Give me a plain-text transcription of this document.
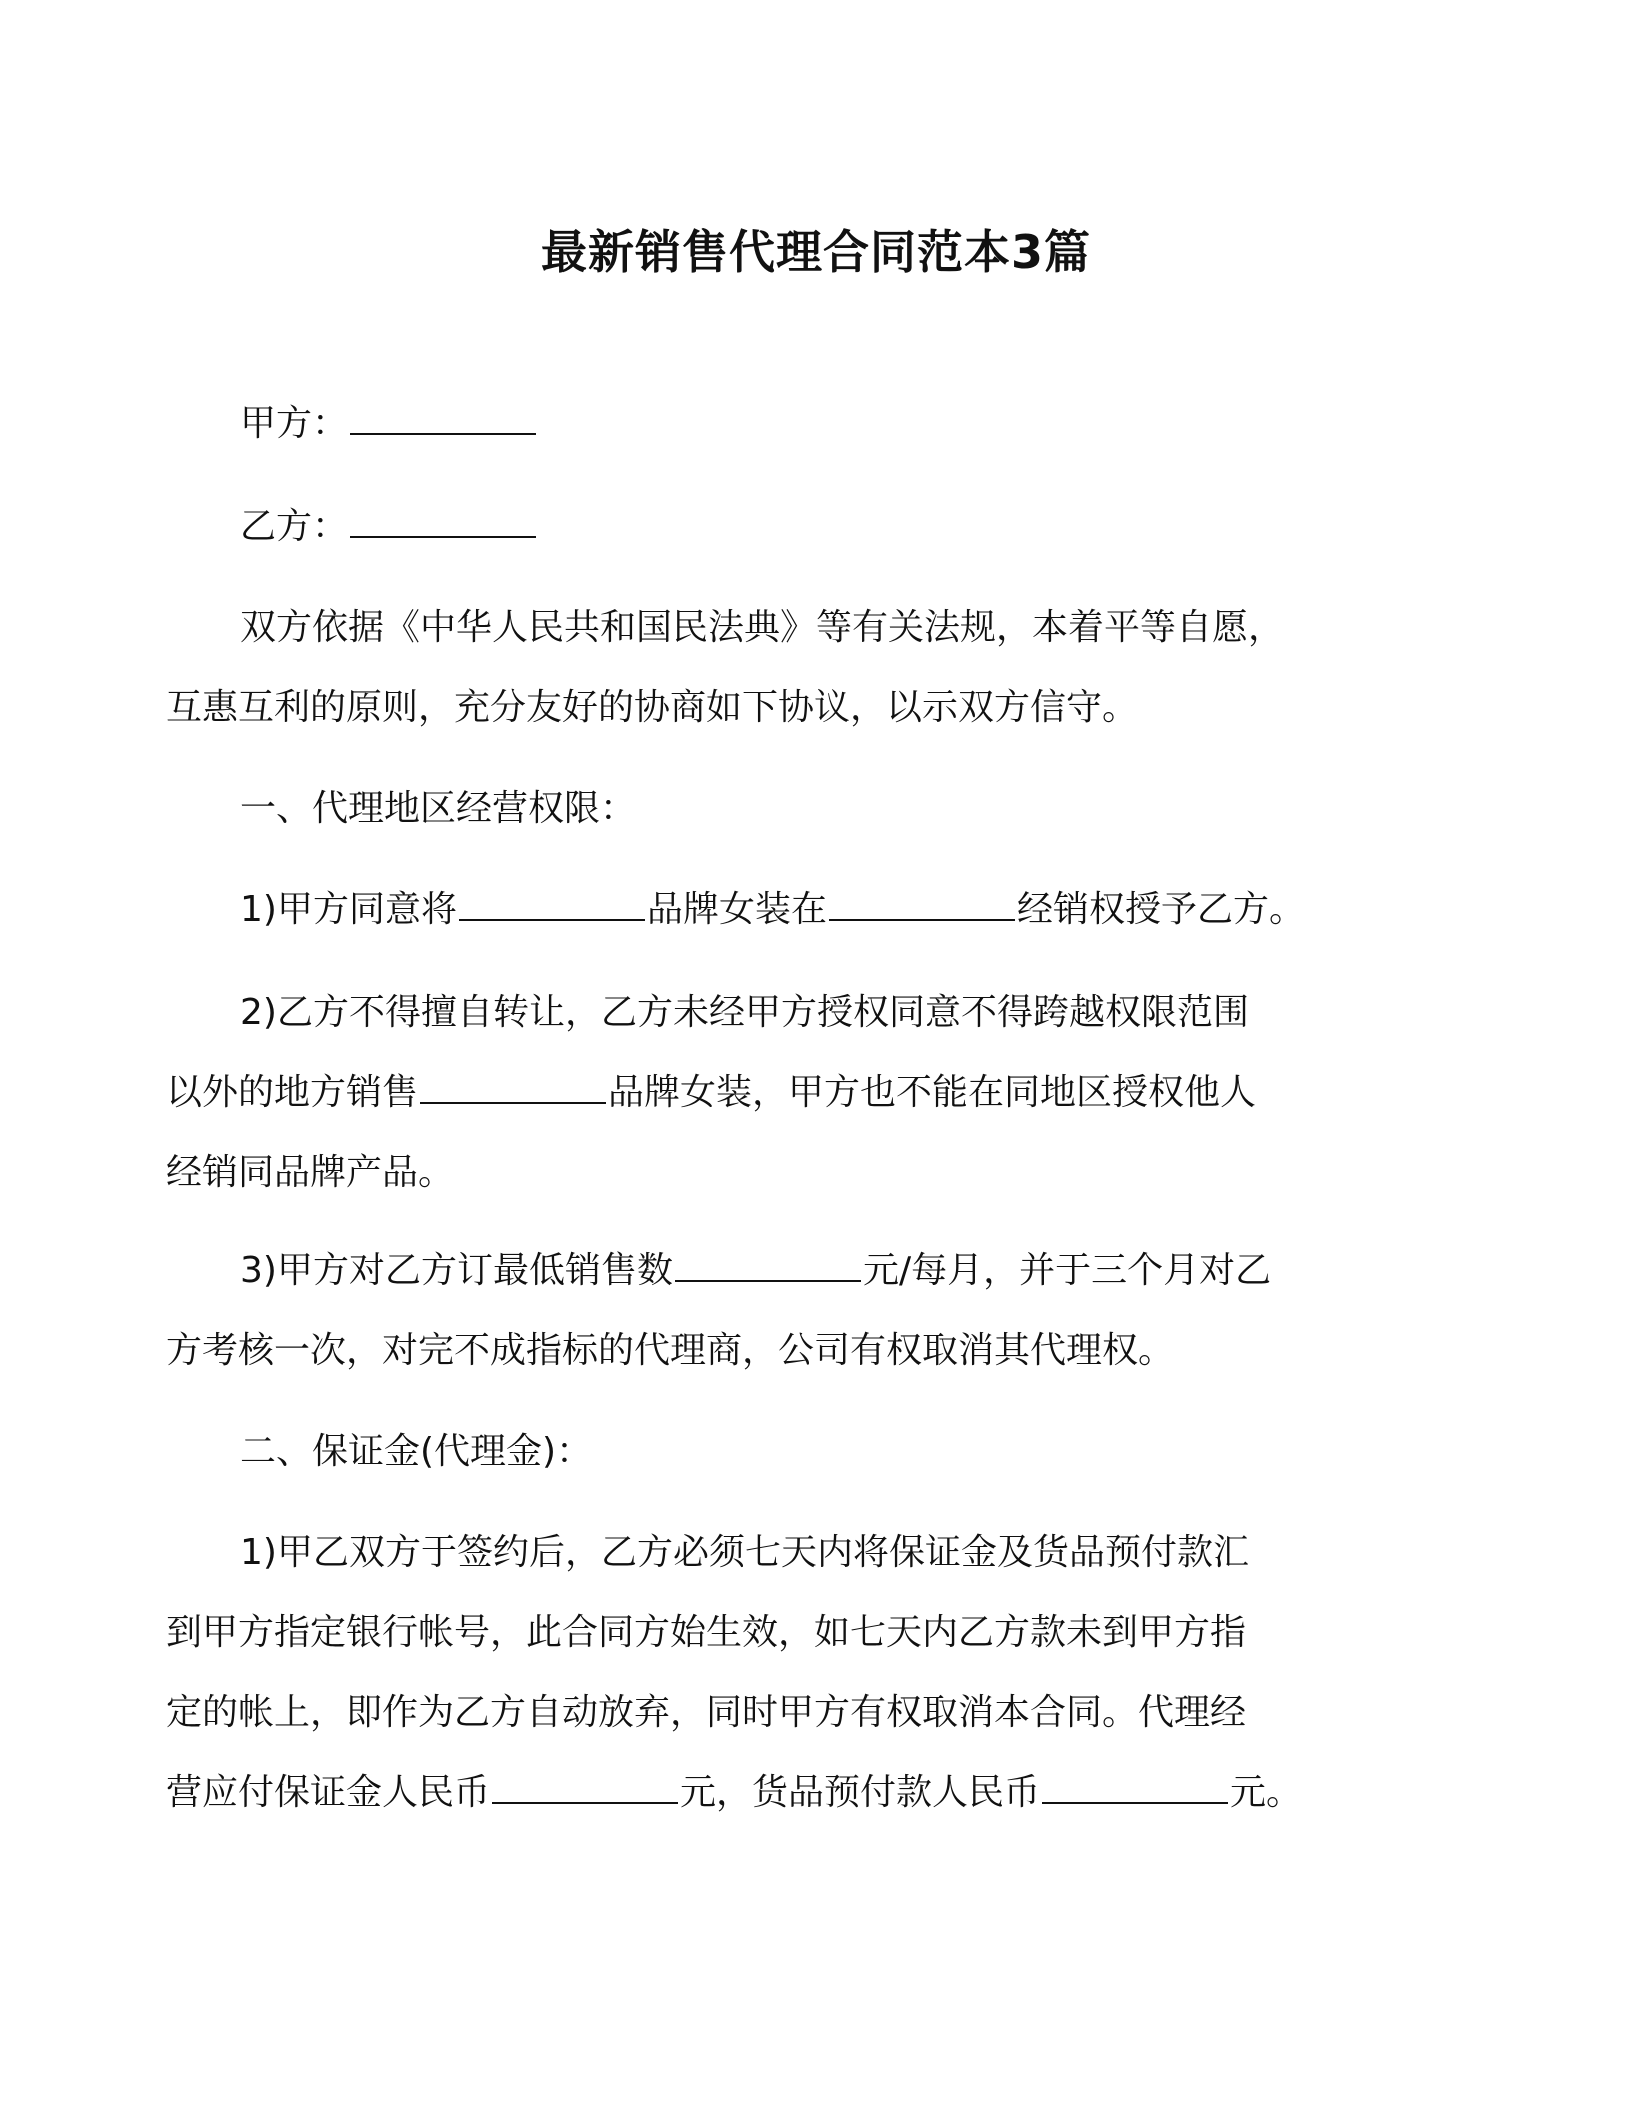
最新销售代理合同范本3篇

甲方：

乙方：

双方依据《中华人民共和国民法典》等有关法规，本着平等自愿，
互惠互利的原则，充分友好的协商如下协议，以示双方信守。

一、代理地区经营权限：

1)甲方同意将	品牌女装在	经销权授予乙方。

2)乙方不得擅自转让，乙方未经甲方授权同意不得跨越权限范围
以外的地方销售	品牌女装，甲方也不能在同地区授权他人
经销同品牌产品。
3)甲方对乙方订最低销售数	元/每月，并于三个月对乙
方考核一次，对完不成指标的代理商，公司有权取消其代理权。

二、保证金(代理金)：

1)甲乙双方于签约后，乙方必须七天内将保证金及货品预付款汇
到甲方指定银行帐号，此合同方始生效，如七天内乙方款未到甲方指
定的帐上，即作为乙方自动放弃，同时甲方有权取消本合同。代理经
营应付保证金人民币	元，货品预付款人民币	元。
